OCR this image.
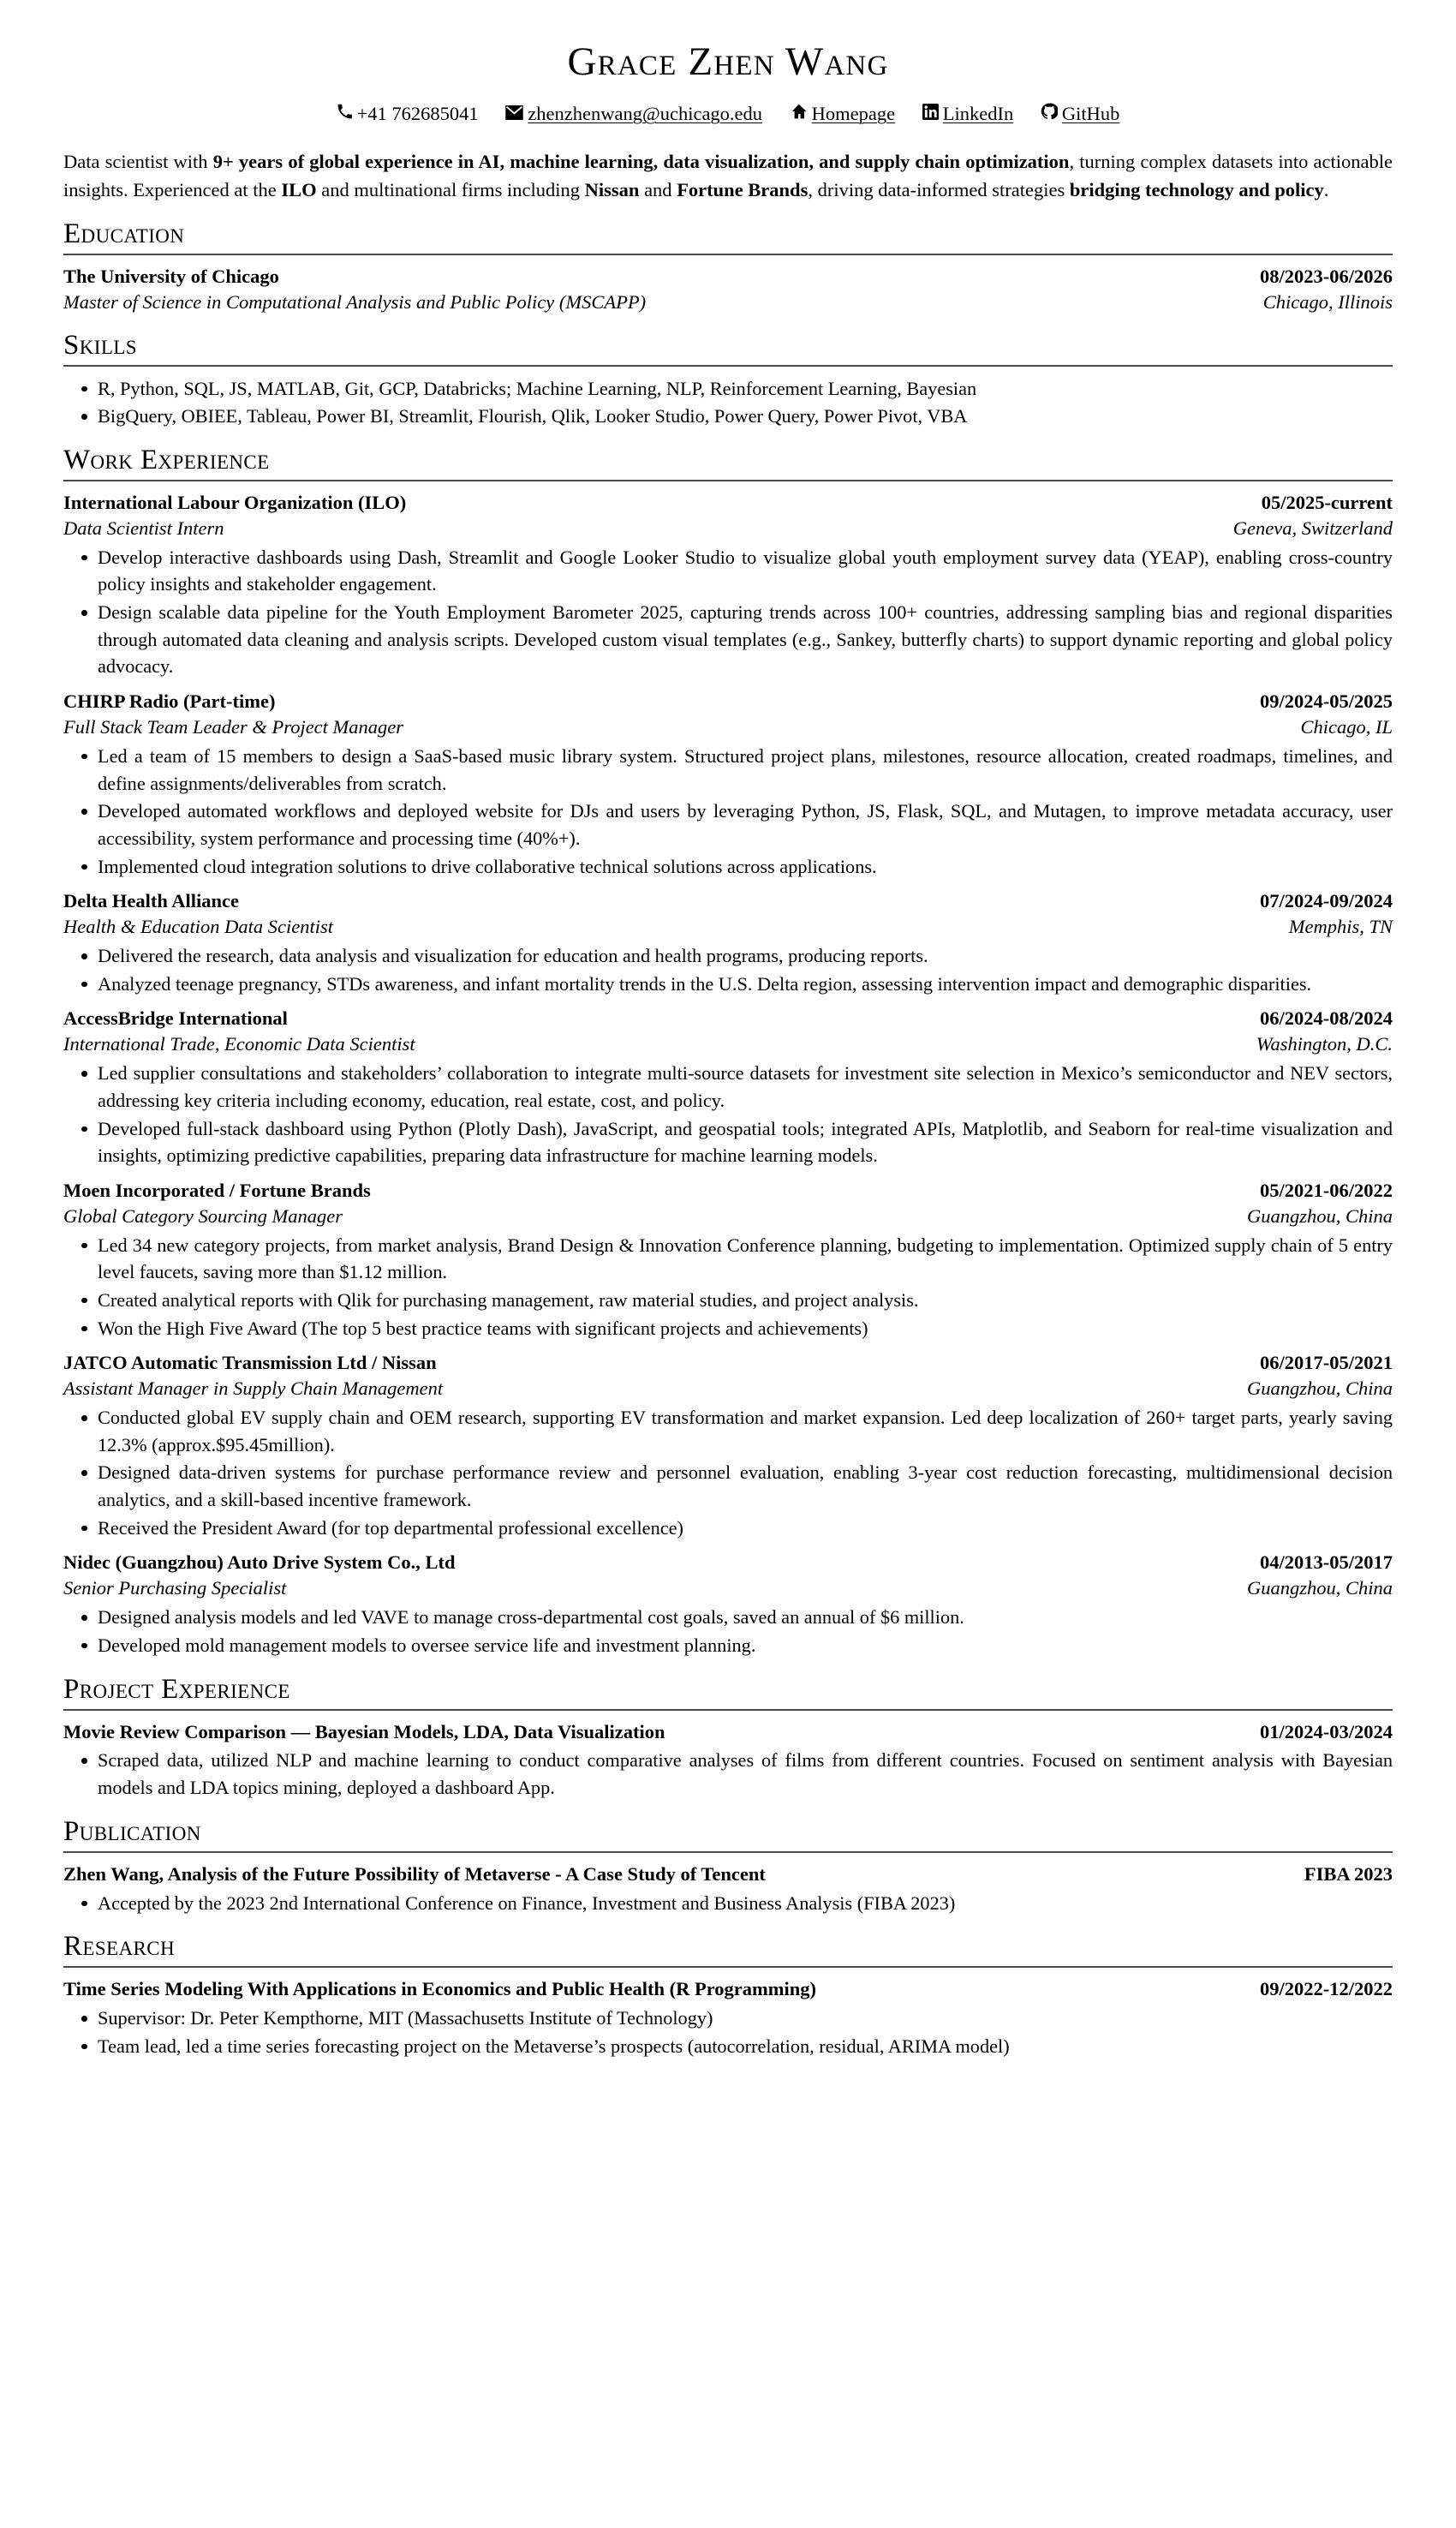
Grace Zhen Wang
+41 762685041	zhenzhenwang@uchicago.edu	Homepage LinkedIn	GitHub

Data scientist with 9+ years of global experience in AI, machine learning, data visualization, and supply chain optimization, turning complex datasets into actionable insights. Experienced at the ILO and multinational firms including Nissan and Fortune Brands, driving data-informed strategies bridging technology and policy.

Education
The University of Chicago	08/2023-06/2026
Master of Science in Computational Analysis and Public Policy (MSCAPP)	Chicago, Illinois
Skills
R, Python, SQL, JS, MATLAB, Git, GCP, Databricks; Machine Learning, NLP, Reinforcement Learning, Bayesian
BigQuery, OBIEE, Tableau, Power BI, Streamlit, Flourish, Qlik, Looker Studio, Power Query, Power Pivot, VBA
Work Experience
International Labour Organization (ILO)	05/2025-current
Data Scientist Intern	Geneva, Switzerland
Develop interactive dashboards using Dash, Streamlit and Google Looker Studio to visualize global youth employment survey data (YEAP), enabling cross-country policy insights and stakeholder engagement.
Design scalable data pipeline for the Youth Employment Barometer 2025, capturing trends across 100+ countries, addressing sampling bias and regional disparities through automated data cleaning and analysis scripts. Developed custom visual templates (e.g., Sankey, butterfly charts) to support dynamic reporting and global policy advocacy.
CHIRP Radio (Part-time)	09/2024-05/2025
Full Stack Team Leader & Project Manager	Chicago, IL
Led a team of 15 members to design a SaaS-based music library system. Structured project plans, milestones, resource allocation, created roadmaps, timelines, and define assignments/deliverables from scratch.
Developed automated workflows and deployed website for DJs and users by leveraging Python, JS, Flask, SQL, and Mutagen, to improve metadata accuracy, user accessibility, system performance and processing time (40%+).
Implemented cloud integration solutions to drive collaborative technical solutions across applications.
Delta Health Alliance	07/2024-09/2024
Health & Education Data Scientist	Memphis, TN
Delivered the research, data analysis and visualization for education and health programs, producing reports.
Analyzed teenage pregnancy, STDs awareness, and infant mortality trends in the U.S. Delta region, assessing intervention impact and demographic disparities.
AccessBridge International	06/2024-08/2024
International Trade, Economic Data Scientist	Washington, D.C.
Led supplier consultations and stakeholders’ collaboration to integrate multi-source datasets for investment site selection in Mexico’s semiconductor and NEV sectors, addressing key criteria including economy, education, real estate, cost, and policy.
Developed full-stack dashboard using Python (Plotly Dash), JavaScript, and geospatial tools; integrated APIs, Matplotlib, and Seaborn for real-time visualization and insights, optimizing predictive capabilities, preparing data infrastructure for machine learning models.
Moen Incorporated / Fortune Brands	05/2021-06/2022
Global Category Sourcing Manager	Guangzhou, China
Led 34 new category projects, from market analysis, Brand Design & Innovation Conference planning, budgeting to implementation. Optimized supply chain of 5 entry level faucets, saving more than $1.12 million.
Created analytical reports with Qlik for purchasing management, raw material studies, and project analysis.
Won the High Five Award (The top 5 best practice teams with significant projects and achievements)
JATCO Automatic Transmission Ltd / Nissan	06/2017-05/2021
Assistant Manager in Supply Chain Management	Guangzhou, China
Conducted global EV supply chain and OEM research, supporting EV transformation and market expansion. Led deep localization of 260+ target parts, yearly saving 12.3% (approx.$95.45million).
Designed data-driven systems for purchase performance review and personnel evaluation, enabling 3-year cost reduction forecasting, multidimensional decision analytics, and a skill-based incentive framework.
Received the President Award (for top departmental professional excellence)
Nidec (Guangzhou) Auto Drive System Co., Ltd	04/2013-05/2017
Senior Purchasing Specialist	Guangzhou, China
Designed analysis models and led VAVE to manage cross-departmental cost goals, saved an annual of $6 million.
Developed mold management models to oversee service life and investment planning.
Project Experience
Movie Review Comparison — Bayesian Models, LDA, Data Visualization	01/2024-03/2024
Scraped data, utilized NLP and machine learning to conduct comparative analyses of films from different countries. Focused on sentiment analysis with Bayesian models and LDA topics mining, deployed a dashboard App.
Publication
Zhen Wang, Analysis of the Future Possibility of Metaverse - A Case Study of Tencent	FIBA 2023
Accepted by the 2023 2nd International Conference on Finance, Investment and Business Analysis (FIBA 2023)
Research
Time Series Modeling With Applications in Economics and Public Health (R Programming)	09/2022-12/2022
Supervisor: Dr. Peter Kempthorne, MIT (Massachusetts Institute of Technology)
Team lead, led a time series forecasting project on the Metaverse’s prospects (autocorrelation, residual, ARIMA model)
